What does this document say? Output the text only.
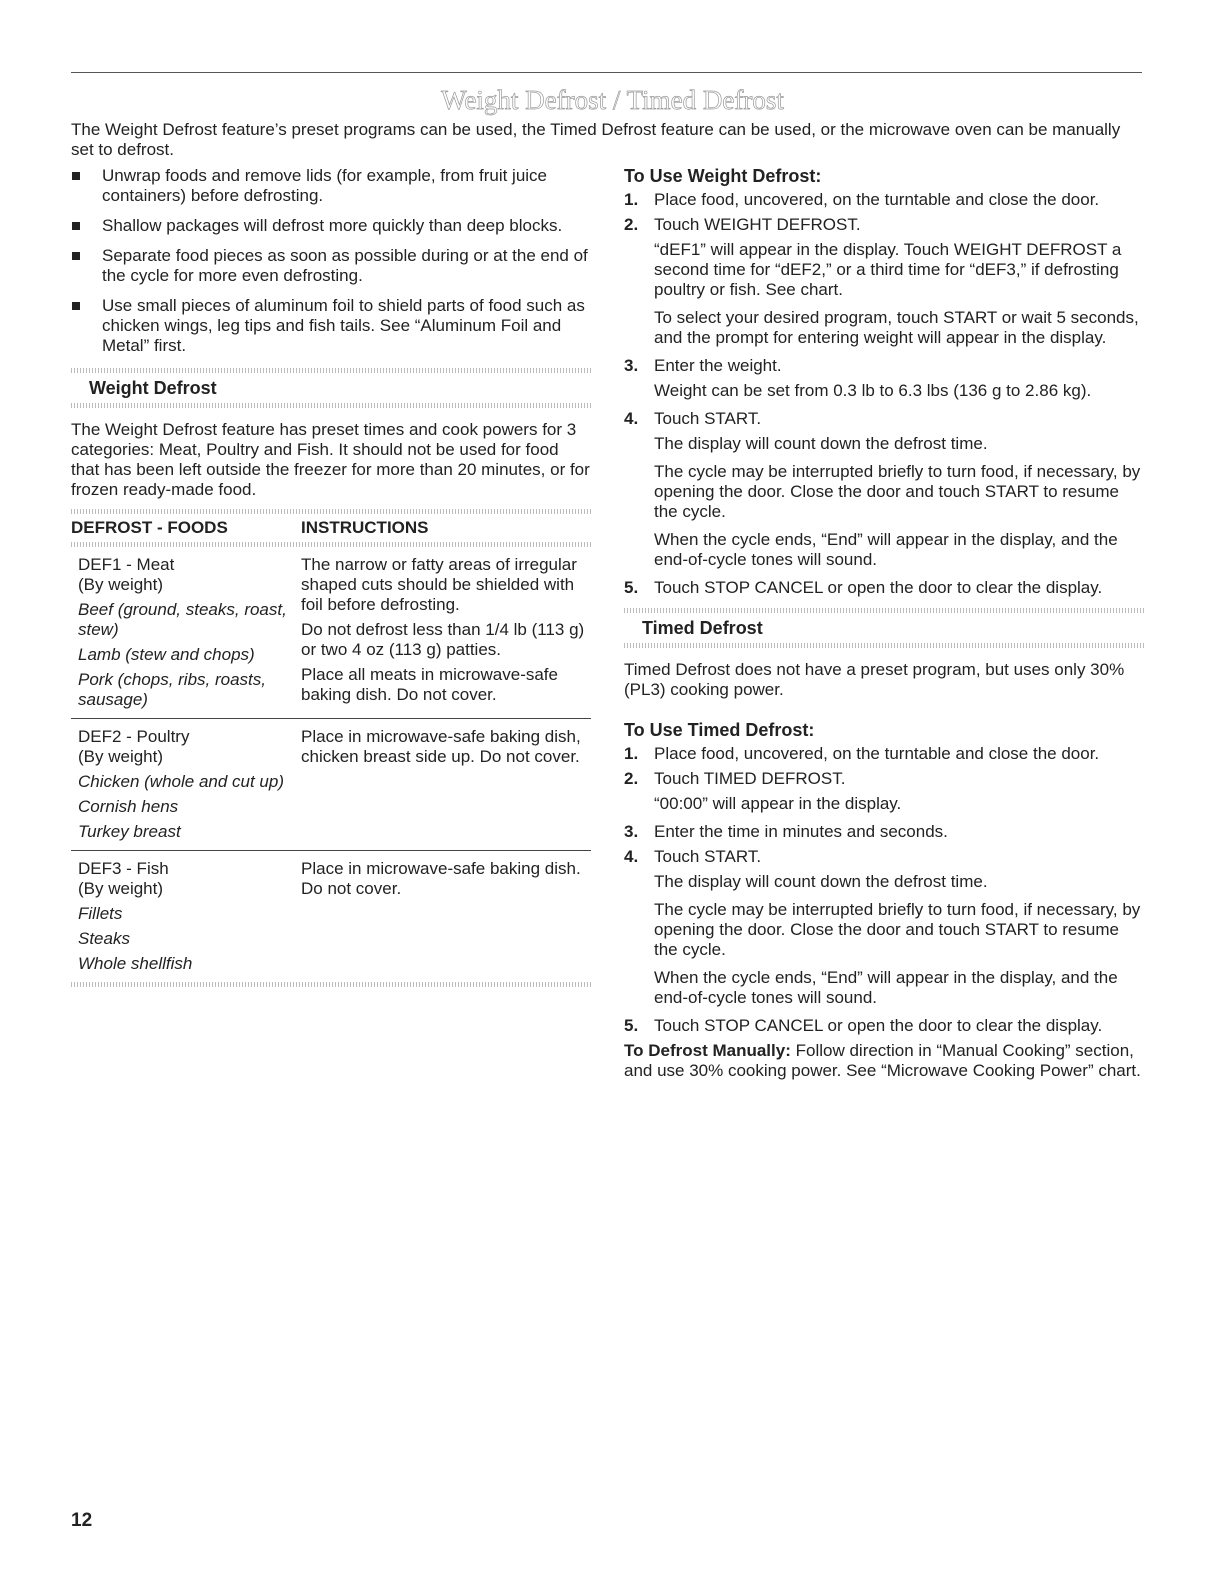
Weight Defrost / Timed Defrost

The Weight Defrost feature’s preset programs can be used, the Timed Defrost feature can be used, or the microwave oven can be manually set to defrost.

Unwrap foods and remove lids (for example, from fruit juice containers) before defrosting.
Shallow packages will defrost more quickly than deep blocks.
Separate food pieces as soon as possible during or at the end of the cycle for more even defrosting.
Use small pieces of aluminum foil to shield parts of food such as chicken wings, leg tips and fish tails. See “Aluminum Foil and Metal” first.
Weight Defrost

The Weight Defrost feature has preset times and cook powers for 3 categories: Meat, Poultry and Fish. It should not be used for food that has been left outside the freezer for more than 20 minutes, or for frozen ready-made food.

DEFROST - FOODS	INSTRUCTIONS
DEF1 - Meat
(By weight)
Beef (ground, steaks, roast, stew)
Lamb (stew and chops)
Pork (chops, ribs, roasts, sausage)
The narrow or fatty areas of irregular shaped cuts should be shielded with foil before defrosting.
Do not defrost less than 1/4 lb (113 g) or two 4 oz (113 g) patties.
Place all meats in microwave-safe baking dish. Do not cover.
DEF2 - Poultry
(By weight)
Chicken (whole and cut up)
Cornish hens
Turkey breast
Place in microwave-safe baking dish, chicken breast side up. Do not cover.
DEF3 - Fish
(By weight)
Fillets
Steaks
Whole shellfish
Place in microwave-safe baking dish. Do not cover.
To Use Weight Defrost:
1. Place food, uncovered, on the turntable and close the door.
2. Touch WEIGHT DEFROST.

“dEF1” will appear in the display. Touch WEIGHT DEFROST a second time for “dEF2,” or a third time for “dEF3,” if defrosting poultry or fish. See chart.

To select your desired program, touch START or wait 5 seconds, and the prompt for entering weight will appear in the display.

3. Enter the weight.

Weight can be set from 0.3 lb to 6.3 lbs (136 g to 2.86 kg).

4. Touch START.

The display will count down the defrost time.

The cycle may be interrupted briefly to turn food, if necessary, by opening the door. Close the door and touch START to resume the cycle.

When the cycle ends, “End” will appear in the display, and the end-of-cycle tones will sound.

5. Touch STOP CANCEL or open the door to clear the display.
Timed Defrost

Timed Defrost does not have a preset program, but uses only 30% (PL3) cooking power.

To Use Timed Defrost:
1. Place food, uncovered, on the turntable and close the door.
2. Touch TIMED DEFROST.

“00:00” will appear in the display.

3. Enter the time in minutes and seconds.
4. Touch START.

The display will count down the defrost time.

The cycle may be interrupted briefly to turn food, if necessary, by opening the door. Close the door and touch START to resume the cycle.

When the cycle ends, “End” will appear in the display, and the end-of-cycle tones will sound.

5. Touch STOP CANCEL or open the door to clear the display.

To Defrost Manually: Follow direction in “Manual Cooking” section, and use 30% cooking power. See “Microwave Cooking Power” chart.

12
